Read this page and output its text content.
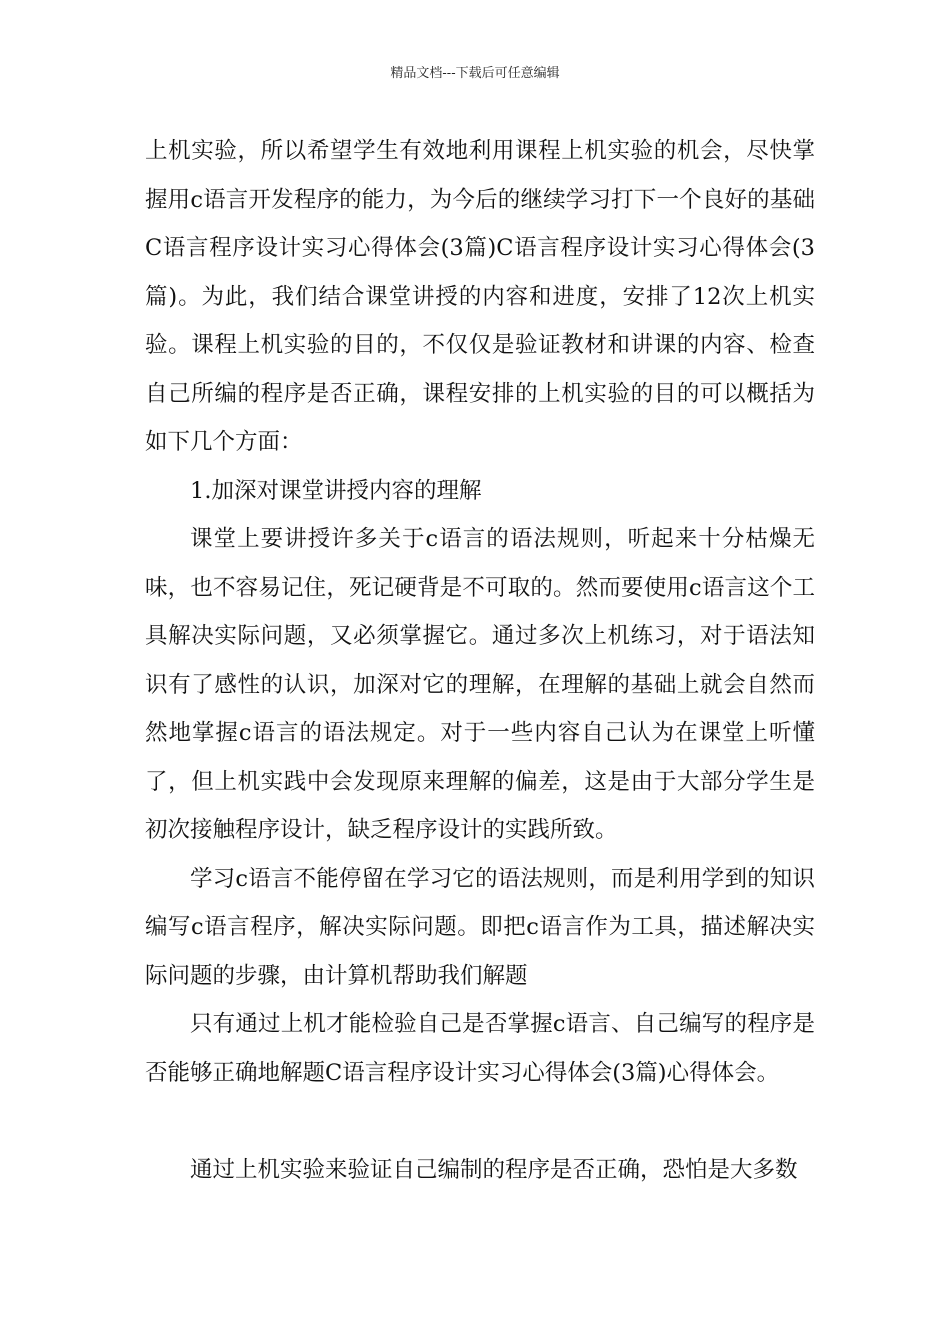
精品文档---下载后可任意编辑

上机实验，所以希望学生有效地利用课程上机实验的机会，尽快掌握用c语言开发程序的能力，为今后的继续学习打下一个良好的基础C语言程序设计实习心得体会(3篇)C语言程序设计实习心得体会(3篇)。为此，我们结合课堂讲授的内容和进度，安排了12次上机实验。课程上机实验的目的，不仅仅是验证教材和讲课的内容、检查自己所编的程序是否正确，课程安排的上机实验的目的可以概括为如下几个方面：

1.加深对课堂讲授内容的理解

课堂上要讲授许多关于c语言的语法规则，听起来十分枯燥无味，也不容易记住，死记硬背是不可取的。然而要使用c语言这个工具解决实际问题，又必须掌握它。通过多次上机练习，对于语法知识有了感性的认识，加深对它的理解，在理解的基础上就会自然而然地掌握c语言的语法规定。对于一些内容自己认为在课堂上听懂了，但上机实践中会发现原来理解的偏差，这是由于大部分学生是初次接触程序设计，缺乏程序设计的实践所致。

学习c语言不能停留在学习它的语法规则，而是利用学到的知识编写c语言程序，解决实际问题。即把c语言作为工具，描述解决实际问题的步骤，由计算机帮助我们解题

只有通过上机才能检验自己是否掌握c语言、自己编写的程序是否能够正确地解题C语言程序设计实习心得体会(3篇)心得体会。

通过上机实验来验证自己编制的程序是否正确，恐怕是大多数
